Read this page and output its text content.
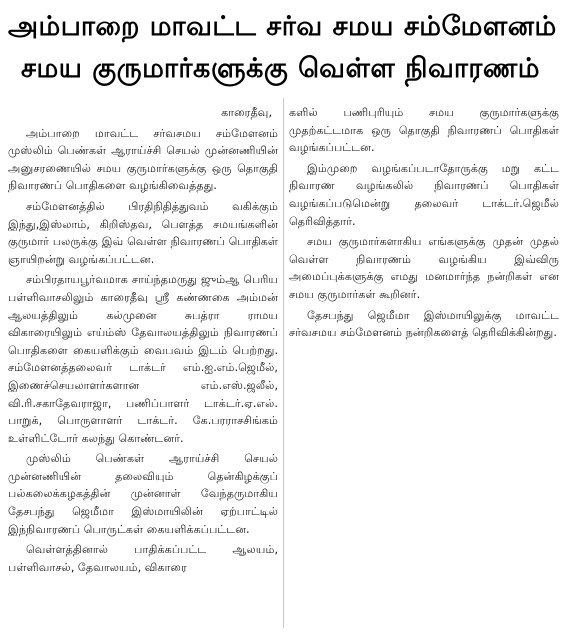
அம்பாறை மாவட்ட சர்வ சமய சம்மேளனம்
சமய குருமார்களுக்கு வெள்ள நிவாரணம்

காரைதீவு,

அம்பாறை மாவட்ட சர்வசமய சம்மேளனம் முஸ்லிம் பெண்கள் ஆராய்ச்சி செயல் முன்னணியின் அனுசரணையில் சமய குருமார்களுக்கு ஒரு தொகுதி நிவாரணப் பொதிகளை வழங்கிவைத்தது.

சம்மேளனத்தில் பிரதிநிதித்துவம் வகிக்கும் இந்து,இஸ்லாம், கிறிஸ்தவ, பௌத்த சமயங்களின் குருமார் பலருக்கு இவ் வெள்ள நிவாரணப் பொதிகள் ஞாயிறன்று வழங்கப்பட்டன.

சம்பிரதாயபூர்வமாக சாய்ந்தமருது ஜும்ஆ பெரிய பள்ளிவாசலிலும் காரைதீவு ஸ்ரீ கண்ணகை அம்மன் ஆலயத்திலும் கல்முனை சுபத்ரா ராமய விகாரையிலும் எய்ம்ஸ் தேவாலயத்திலும் நிவாரணப் பொதிகளை கையளிக்கும் வைபவம் இடம் பெற்றது. சம்மேளனத்தலைவர் டாக்டர் எம்.ஐ.எம்.ஜெமீல், இணைச்செயலாளர்களான எம்.எஸ்.ஜலீல், வி.ரி.சகாதேவராஜா, பணிப்பாளர் டாக்டர்.ஏ.எல். பாறுக், பொருளாளர் டாக்டர். கே.பரராசசிங்கம் உள்ளிட்டோர் கலந்து கொண்டனர்.

முஸ்லிம் பெண்கள் ஆராய்ச்சி செயல் முன்னணியின் தலைவியும் தென்கிழக்குப் பல்கலைக்கழகத்தின் முன்னாள் வேந்தருமாகிய தேசபந்து ஜெமீமா இஸ்மாயிலின் ஏற்பாட்டில் இந்நிவாரணப் பொருட்கள் கையளிக்கப்பட்டன.

வெள்ளத்தினால் பாதிக்கப்பட்ட ஆலயம், பள்ளிவாசல், தேவாலயம், விகாரை

களில் பணிபுரியும் சமய குருமார்களுக்கு முதற்கட்டமாக ஒரு தொகுதி நிவாரணப் பொதிகள் வழங்கப்பட்டன.

இம்முறை வழங்கப்படாதோருக்கு மறு கட்ட நிவாரண வழங்கலில் நிவாரணப் பொதிகள் வழங்கப்படுமென்று தலைவர் டாக்டர்.ஜெமீல் தெரிவித்தார்.

சமய குருமார்களாகிய எங்களுக்கு முதன் முதல் வெள்ள நிவாரணம் வழங்கிய இவ்விரு அமைப்புக்களுக்கு எமது மனமார்ந்த நன்றிகள் என சமய குருமார்கள் கூறினர்.

தேசபந்து ஜெமீமா இஸ்மாயிலுக்கு மாவட்ட சர்வசமய சம்மேளனம் நன்றிகளைத் தெரிவிக்கின்றது.
